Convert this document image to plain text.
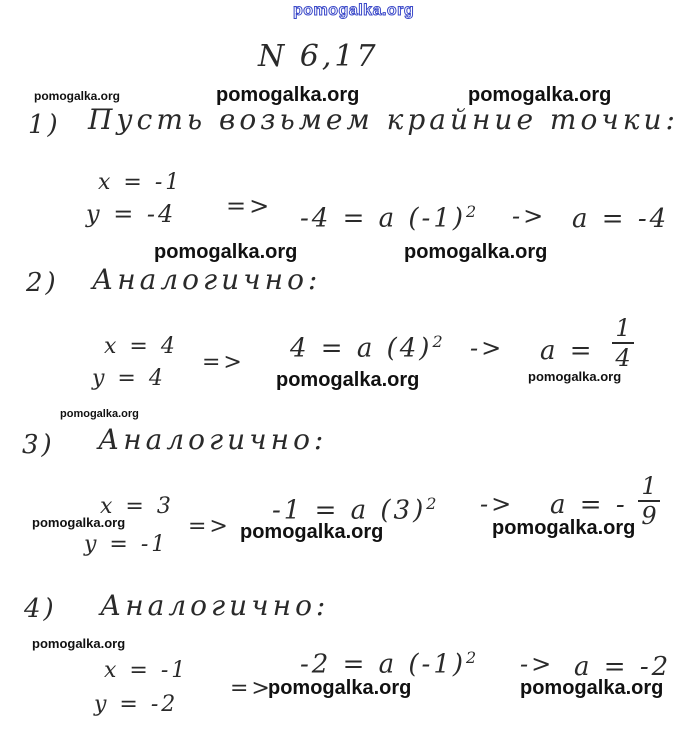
pomogalka.org
N 6,17
1) Пусть возьмем крайние точки:
x = -1
y = -4 => -4 = a $(-1)^2 -> a = -4$
2) Аналогично:
x = 4
y = 4
=> 4 = a $(4)^2 -> a$ =
1
4
3) Аналогично:
x = 3
y = -1
=>
-1 = a $(3)^2 -> a$ = -
1
9
4) Аналогично:
x = -1
y = -2
=>
-2 = a $(-1)^2 -> a = -2$
pomogalka.org	pomogalka.org	pomogalka.org
pomogalka.org	pomogalka.org
pomogalka.org	pomogalka.org
pomogalka.org
pomogalka.org	pomogalka.org	pomogalka.org
pomogalka.org
pomogalka.org	pomogalka.org
